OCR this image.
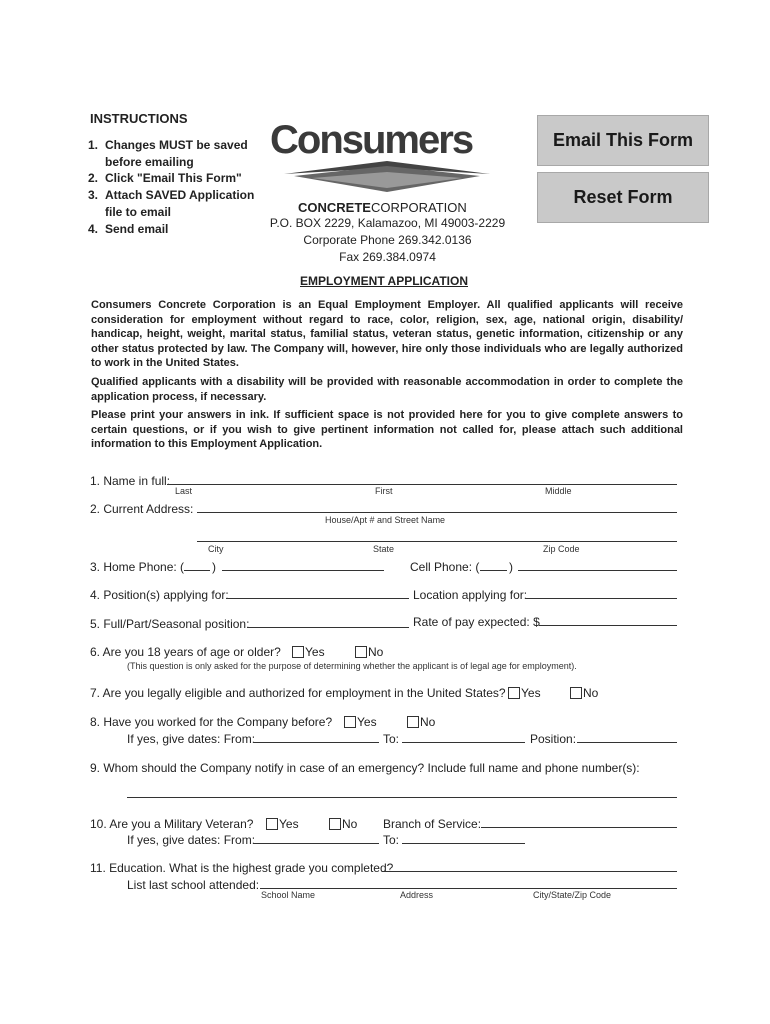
INSTRUCTIONS
1. Changes MUST be saved before emailing
2. Click "Email This Form"
3. Attach SAVED Application file to email
4. Send email
Consumers
CONCRETECORPORATION
P.O. BOX 2229, Kalamazoo, MI 49003-2229
Corporate Phone 269.342.0136
Fax 269.384.0974
Email This Form
Reset Form
EMPLOYMENT APPLICATION
Consumers Concrete Corporation is an Equal Employment Employer. All qualified applicants will receive consideration for employment without regard to race, color, religion, sex, age, national origin, disability/ handicap, height, weight, marital status, familial status, veteran status, genetic information, citizenship or any other status protected by law. The Company will, however, hire only those individuals who are legally authorized to work in the United States.
Qualified applicants with a disability will be provided with reasonable accommodation in order to complete the application process, if necessary.
Please print your answers in ink. If sufficient space is not provided here for you to give complete answers to certain questions, or if you wish to give pertinent information not called for, please attach such additional information to this Employment Application.
1. Name in full:
Last	First	Middle
2. Current Address:
House/Apt # and Street Name
City	State	Zip Code
3. Home Phone: ( )	Cell Phone: ( )
4. Position(s) applying for:	Location applying for:
5. Full/Part/Seasonal position:	Rate of pay expected: $
6. Are you 18 years of age or older? Yes	No
(This question is only asked for the purpose of determining whether the applicant is of legal age for employment).
7. Are you legally eligible and authorized for employment in the United States? Yes	No
8. Have you worked for the Company before? Yes	No
If yes, give dates: From:	To:	Position:
9. Whom should the Company notify in case of an emergency? Include full name and phone number(s):
10. Are you a Military Veteran? Yes	No Branch of Service:
If yes, give dates: From:	To:
11. Education. What is the highest grade you completed?
List last school attended:
School Name	Address	City/State/Zip Code
